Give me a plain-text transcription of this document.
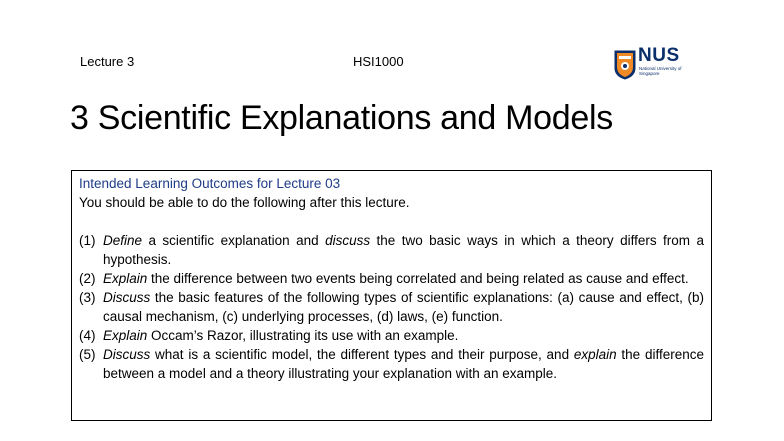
Lecture 3	HSI1000	NUS
National University of Singapore
3 Scientific Explanations and Models
Intended Learning Outcomes for Lecture 03
You should be able to do the following after this lecture.
(1) Define a scientific explanation and discuss the two basic ways in which a theory differs from a hypothesis.
(2) Explain the difference between two events being correlated and being related as cause and effect.
(3) Discuss the basic features of the following types of scientific explanations: (a) cause and effect, (b) causal mechanism, (c) underlying processes, (d) laws, (e) function.
(4) Explain Occam’s Razor, illustrating its use with an example.
(5) Discuss what is a scientific model, the different types and their purpose, and explain the difference between a model and a theory illustrating your explanation with an example.
